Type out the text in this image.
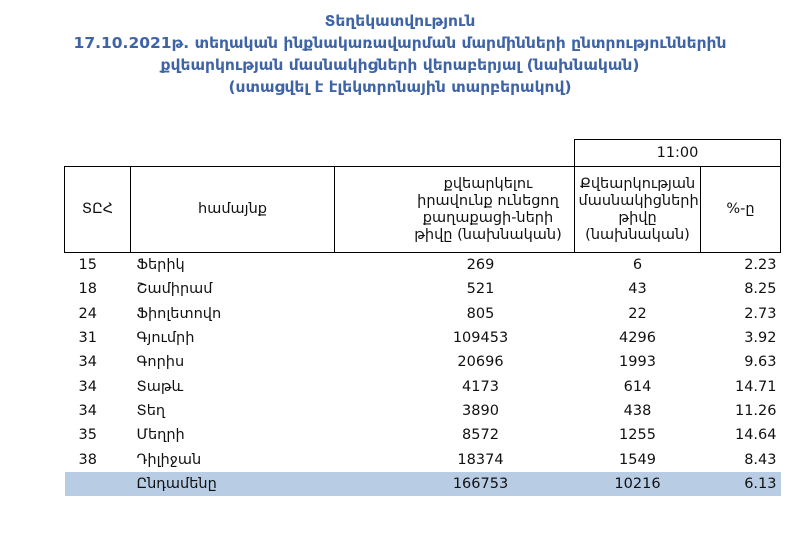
Տեղեկատվություն
17.10.2021թ. տեղական ինքնակառավարման մարմինների ընտրություններին
քվեարկության մասնակիցների վերաբերյալ (նախնական)
(ստացվել է էլեկտրոնային տարբերակով)
			11:00	
ՏԸՀ	համայնք	քվեարկելու իրավունք ունեցող քաղաքացի-ների թիվը (նախնական)	Քվեարկության մասնակիցների թիվը (նախնական)	%-ը
15	Ֆերիկ	269	6	2.23
18	Շամիրամ	521	43	8.25
24	Ֆիոլետովո	805	22	2.73
31	Գյումրի	109453	4296	3.92
34	Գորիս	20696	1993	9.63
34	Տաթև	4173	614	14.71
34	Տեղ	3890	438	11.26
35	Մեղրի	8572	1255	14.64
38	Դիլիջան	18374	1549	8.43
	Ընդամենը	166753	10216	6.13
